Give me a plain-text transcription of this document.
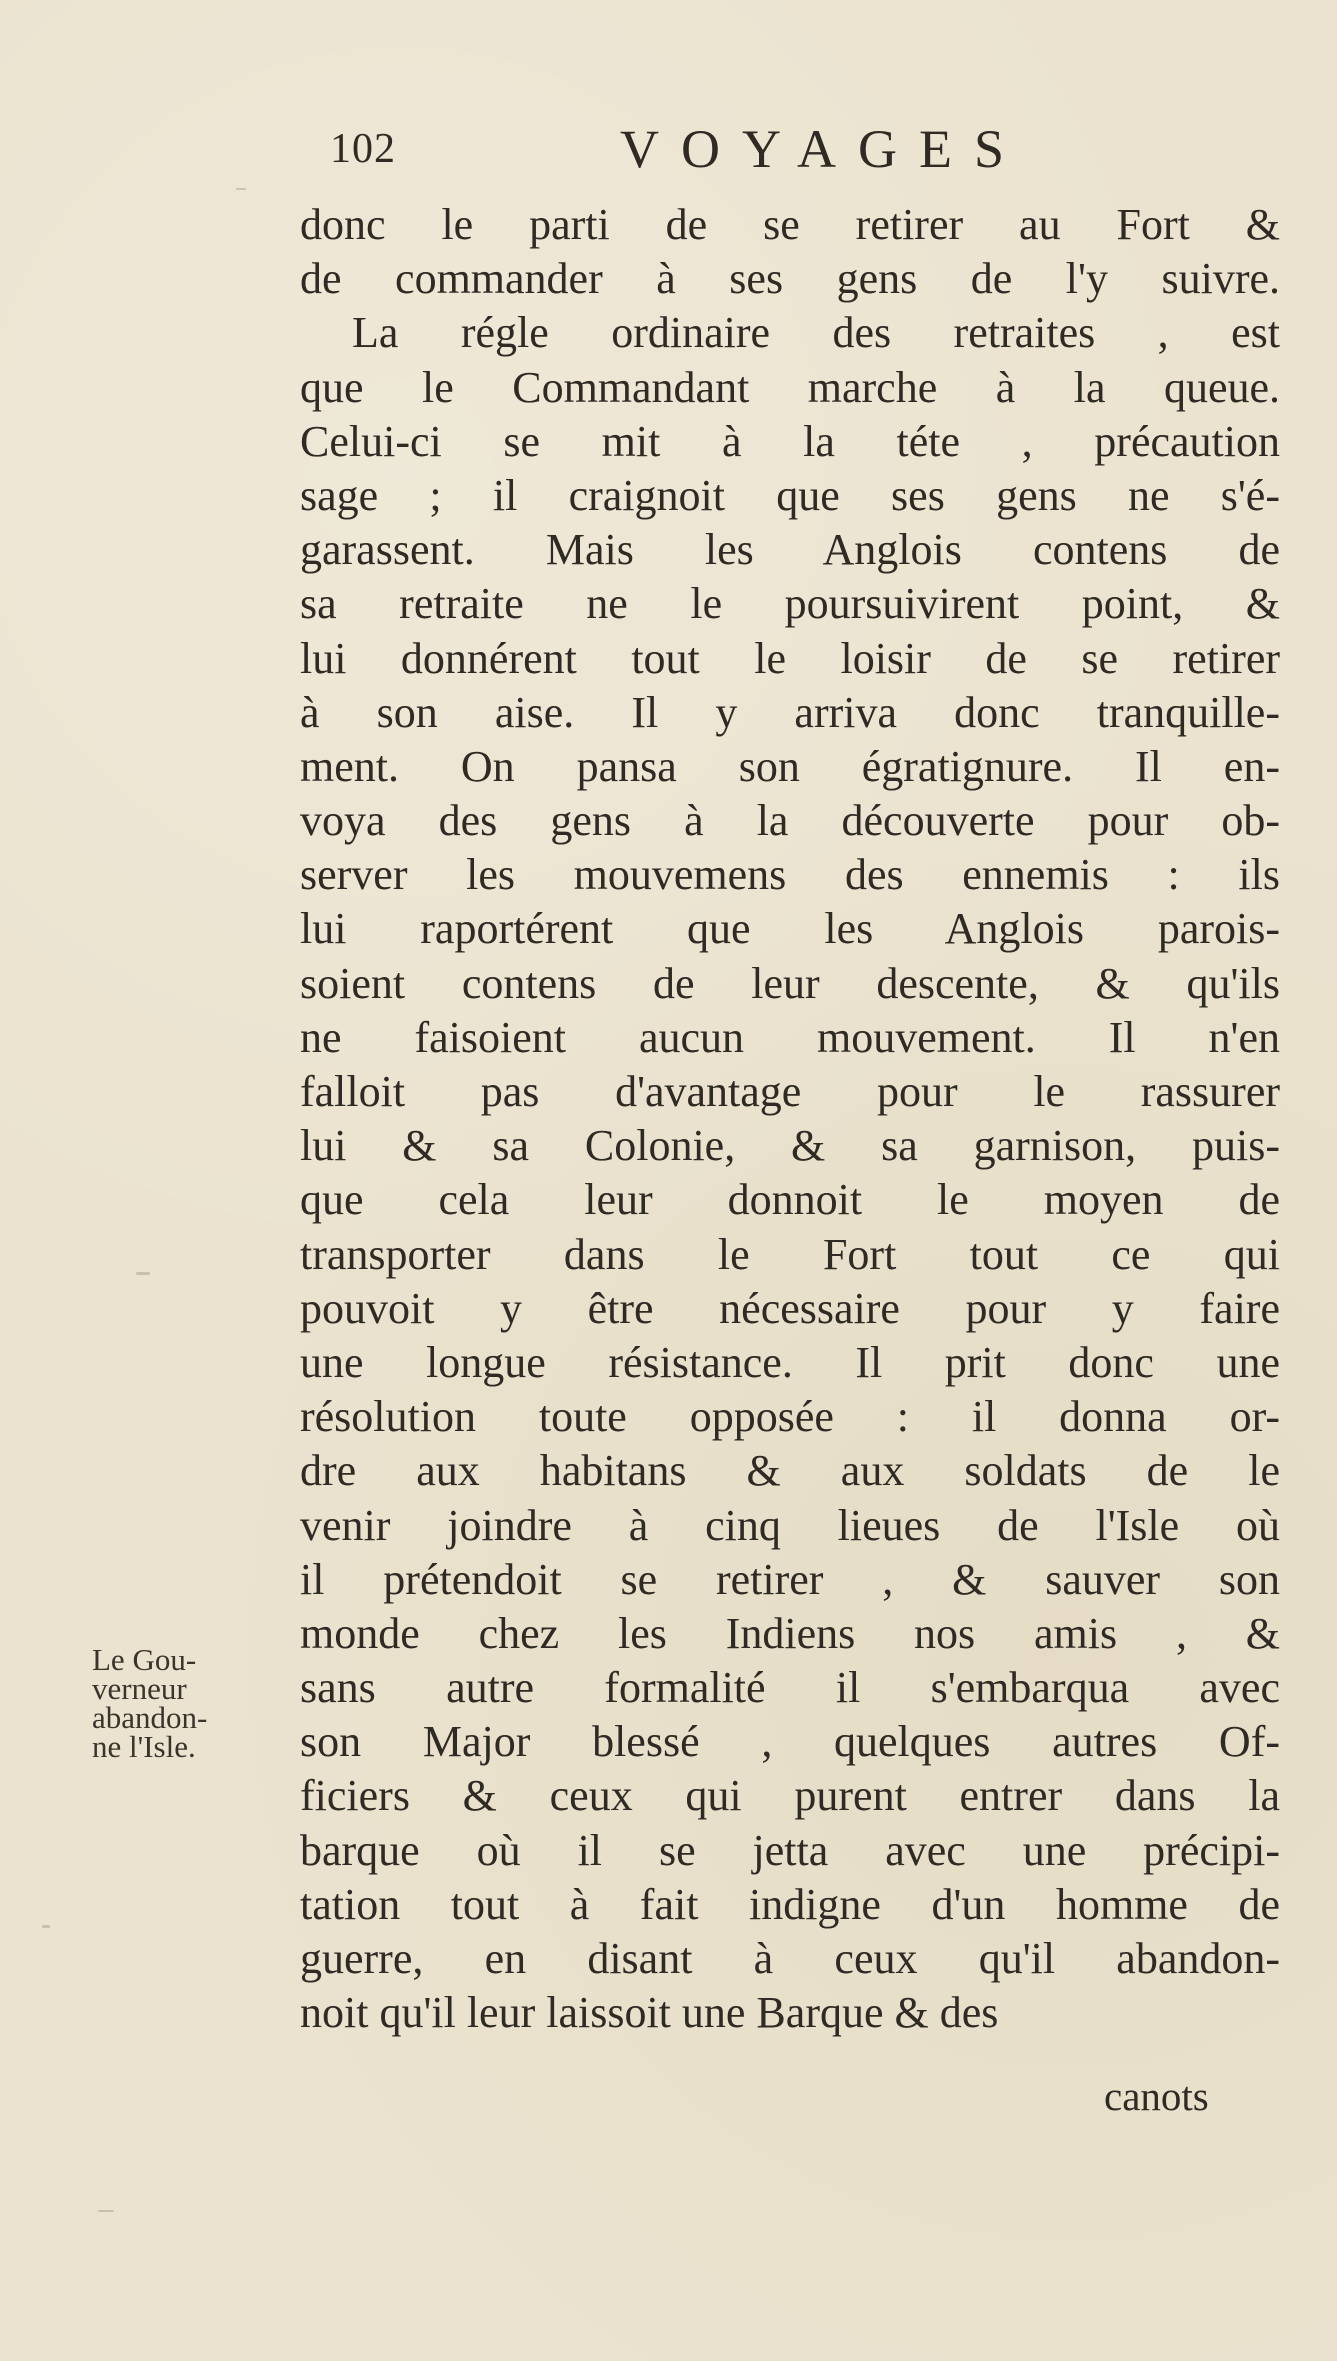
102	VOYAGES
donc le parti de se retirer au Fort &
de commander à ses gens de l'y suivre.
La régle ordinaire des retraites , est
que le Commandant marche à la queue.
Celui-ci se mit à la téte , précaution
sage ; il craignoit que ses gens ne s'é-
garassent. Mais les Anglois contens de
sa retraite ne le poursuivirent point, &
lui donnérent tout le loisir de se retirer
à son aise. Il y arriva donc tranquille-
ment. On pansa son égratignure. Il en-
voya des gens à la découverte pour ob-
server les mouvemens des ennemis : ils
lui raportérent que les Anglois parois-
soient contens de leur descente, & qu'ils
ne faisoient aucun mouvement. Il n'en
falloit pas d'avantage pour le rassurer
lui & sa Colonie, & sa garnison, puis-
que cela leur donnoit le moyen de
transporter dans le Fort tout ce qui
pouvoit y être nécessaire pour y faire
une longue résistance. Il prit donc une
résolution toute opposée : il donna or-
dre aux habitans & aux soldats de le
venir joindre à cinq lieues de l'Isle où
il prétendoit se retirer , & sauver son
monde chez les Indiens nos amis , &
sans autre formalité il s'embarqua avec
son Major blessé , quelques autres Of-
ficiers & ceux qui purent entrer dans la
barque où il se jetta avec une précipi-
tation tout à fait indigne d'un homme de
guerre, en disant à ceux qu'il abandon-
noit qu'il leur laissoit une Barque & des
Le Gou-
verneur
abandon-
ne l'Isle.
canots
